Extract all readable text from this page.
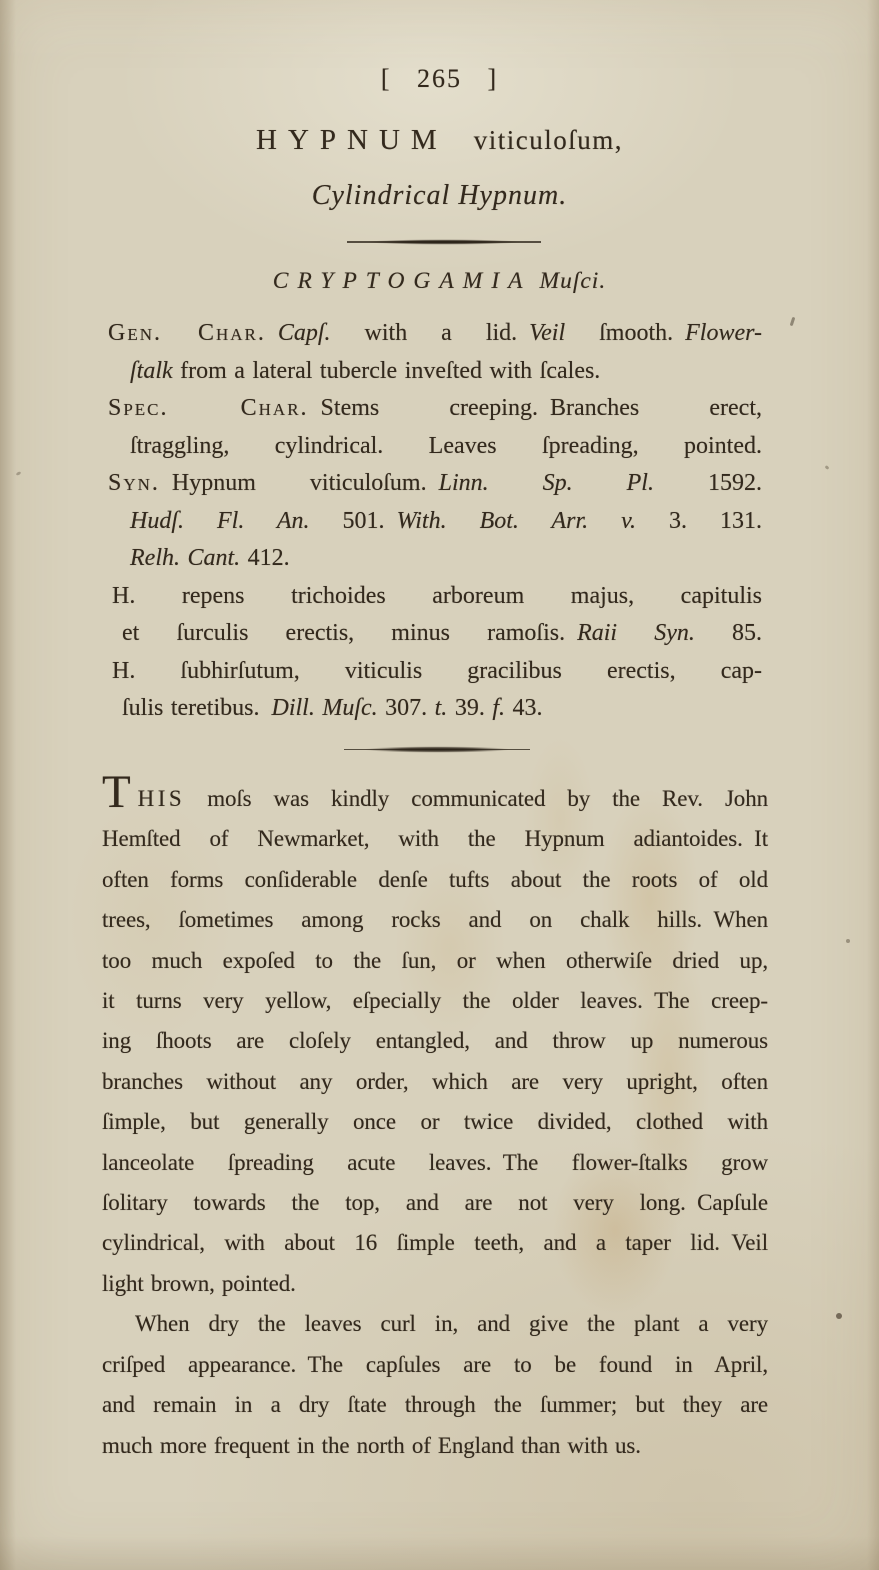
[ 265 ]
HYPNUM viticuloſum,
Cylindrical Hypnum.
CRYPTOGAMIA Muſci.
Gen. Char.  Capſ. with a lid. Veil ſmooth. Flower-
ſtalk from a lateral tubercle inveſted with ſcales.
Spec. Char. Stems creeping. Branches erect,
ſtraggling, cylindrical. Leaves ſpreading, pointed.
Syn. Hypnum viticuloſum. Linn. Sp. Pl. 1592.
Hudſ. Fl. An. 501. With. Bot. Arr. v. 3. 131.
Relh. Cant. 412.
H. repens trichoides arboreum majus, capitulis
et ſurculis erectis, minus ramoſis. Raii Syn. 85.
H. ſubhirſutum, viticulis gracilibus erectis, cap-
ſulis teretibus. Dill. Muſc. 307. t. 39. f. 43.
THIS moſs was kindly communicated by the Rev. John
Hemſted of Newmarket, with the Hypnum adiantoides. It
often forms conſiderable denſe tufts about the roots of old
trees, ſometimes among rocks and on chalk hills. When
too much expoſed to the ſun, or when otherwiſe dried up,
it turns very yellow, eſpecially the older leaves. The creep-
ing ſhoots are cloſely entangled, and throw up numerous
branches without any order, which are very upright, often
ſimple, but generally once or twice divided, clothed with
lanceolate ſpreading acute leaves. The flower-ſtalks grow
ſolitary towards the top, and are not very long. Capſule
cylindrical, with about 16 ſimple teeth, and a taper lid. Veil
light brown, pointed.
When dry the leaves curl in, and give the plant a very
criſped appearance. The capſules are to be found in April,
and remain in a dry ſtate through the ſummer; but they are
much more frequent in the north of England than with us.
